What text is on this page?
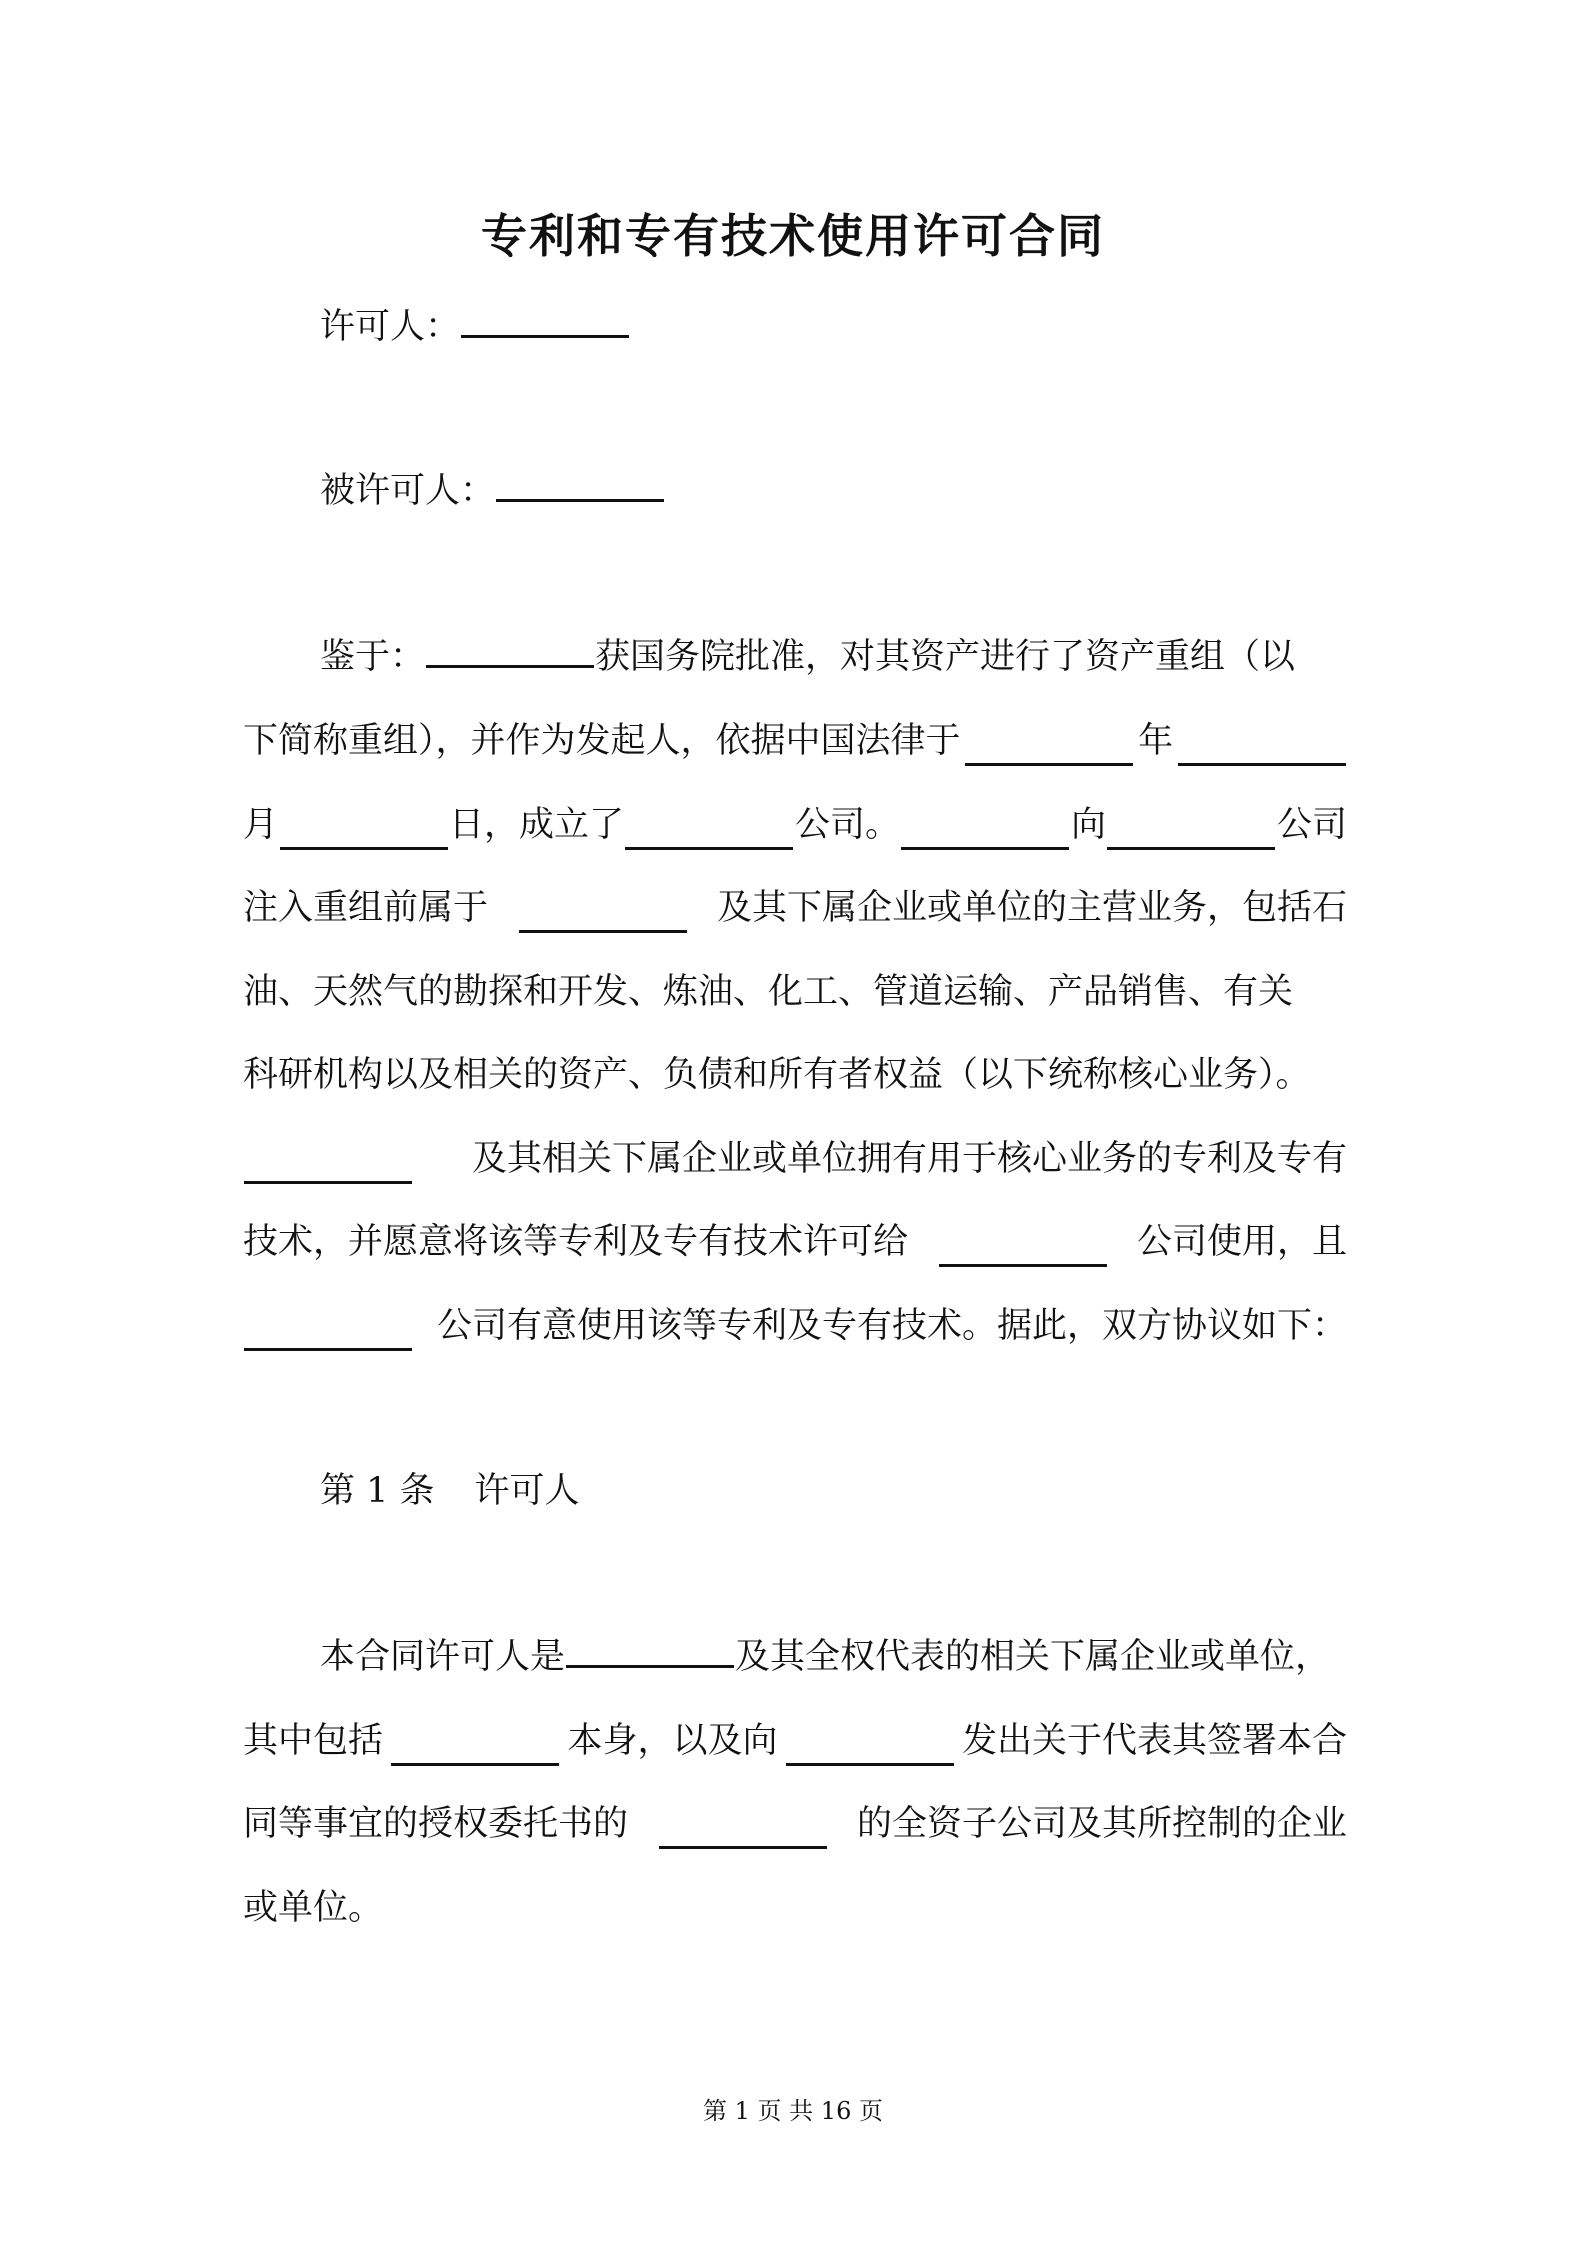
专利和专有技术使用许可合同
许可人：
被许可人：
鉴于：	获国务院批准，对其资产进行了资产重组（以
下简称重组），并作为发起人，依据中国法律于	年
月	日，成立了	公司。	向	公司
注入重组前属于	及其下属企业或单位的主营业务，包括石
油、天然气的勘探和开发、炼油、化工、管道运输、产品销售、有关
科研机构以及相关的资产、负债和所有者权益（以下统称核心业务）。
及其相关下属企业或单位拥有用于核心业务的专利及专有
技术，并愿意将该等专利及专有技术许可给	公司使用，且
公司有意使用该等专利及专有技术。据此，双方协议如下：
第 1 条 许可人
本合同许可人是	及其全权代表的相关下属企业或单位，
其中包括	本身，以及向	发出关于代表其签署本合
同等事宜的授权委托书的	的全资子公司及其所控制的企业
或单位。
第 1 页 共 16 页
